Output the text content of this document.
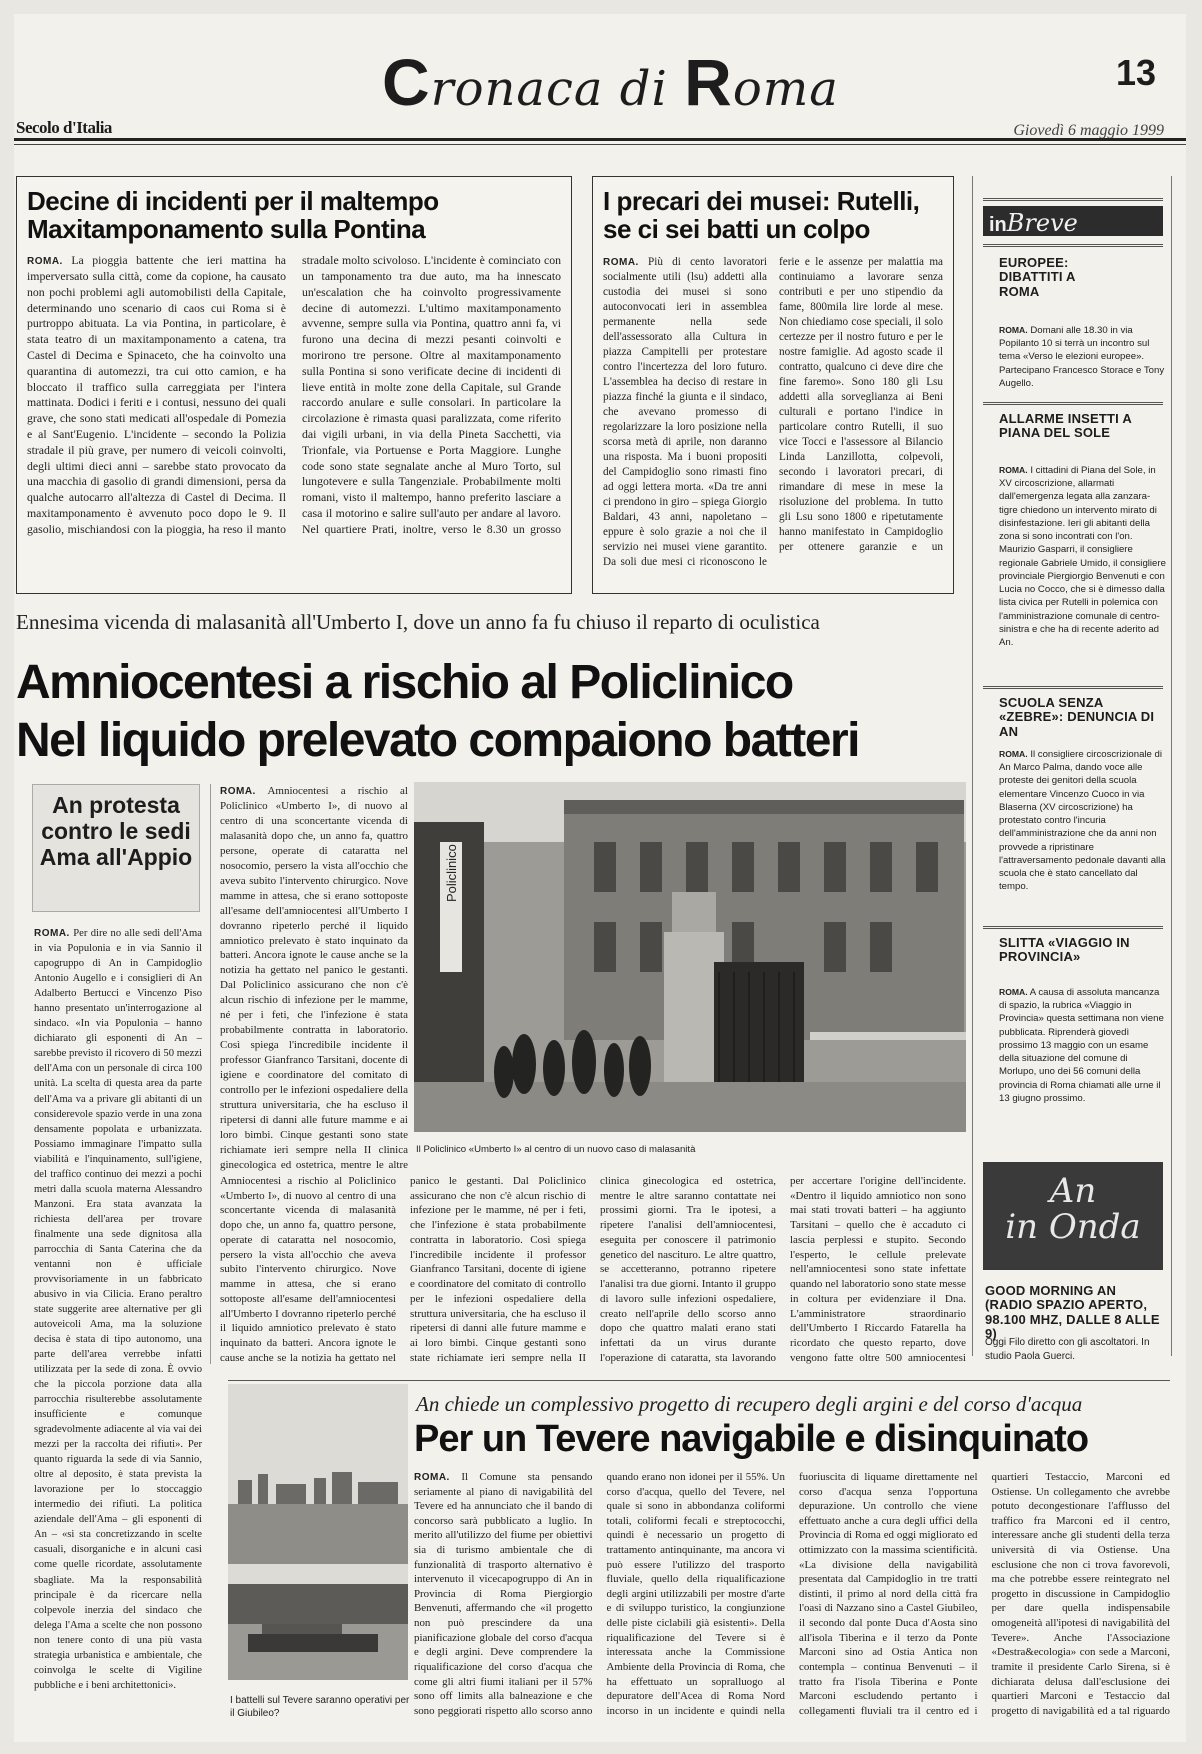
Secolo d'Italia
Cronaca di Roma	13
Giovedì 6 maggio 1999
Decine di incidenti per il maltempo
Maxitamponamento sulla Pontina
ROMA. La pioggia battente che ieri mattina ha imperversato sulla città, come da copione, ha causato non pochi problemi agli automobilisti della Capitale, determinando uno scenario di caos cui Roma si è purtroppo abituata. La via Pontina, in particolare, è stata teatro di un maxitamponamento a catena, tra Castel di Decima e Spinaceto, che ha coinvolto una quarantina di automezzi, tra cui otto camion, e ha bloccato il traffico sulla carreggiata per l'intera mattinata. Dodici i feriti e i contusi, nessuno dei quali grave, che sono stati medicati all'ospedale di Pomezia e al Sant'Eugenio. L'incidente – secondo la Polizia stradale il più grave, per numero di veicoli coinvolti, degli ultimi dieci anni – sarebbe stato provocato da una macchia di gasolio di grandi dimensioni, persa da qualche autocarro all'altezza di Castel di Decima. Il maxitamponamento è avvenuto poco dopo le 9. Il gasolio, mischiandosi con la pioggia, ha reso il manto stradale molto scivoloso. L'incidente è cominciato con un tamponamento tra due auto, ma ha innescato un'escalation che ha coinvolto progressivamente decine di automezzi. L'ultimo maxitamponamento avvenne, sempre sulla via Pontina, quattro anni fa, vi furono una decina di mezzi pesanti coinvolti e morirono tre persone. Oltre al maxitamponamento sulla Pontina si sono verificate decine di incidenti di lieve entità in molte zone della Capitale, sul Grande raccordo anulare e sulle consolari. In particolare la circolazione è rimasta quasi paralizzata, come riferito dai vigili urbani, in via della Pineta Sacchetti, via Trionfale, via Portuense e Porta Maggiore. Lunghe code sono state segnalate anche al Muro Torto, sul lungotevere e sulla Tangenziale. Probabilmente molti romani, visto il maltempo, hanno preferito lasciare a casa il motorino e salire sull'auto per andare al lavoro. Nel quartiere Prati, inoltre, verso le 8.30 un grosso
I precari dei musei: Rutelli, se ci sei batti un colpo
ROMA. Più di cento lavoratori socialmente utili (lsu) addetti alla custodia dei musei si sono autoconvocati ieri in assemblea permanente nella sede dell'assessorato alla Cultura in piazza Campitelli per protestare contro l'incertezza del loro futuro. L'assemblea ha deciso di restare in piazza finché la giunta e il sindaco, che avevano promesso di regolarizzare la loro posizione nella scorsa metà di aprile, non daranno una risposta. Ma i buoni propositi del Campidoglio sono rimasti fino ad oggi lettera morta. «Da tre anni ci prendono in giro – spiega Giorgio Baldari, 43 anni, napoletano – eppure è solo grazie a noi che il servizio nei musei viene garantito. Da soli due mesi ci riconoscono le ferie e le assenze per malattia ma continuiamo a lavorare senza contributi e per uno stipendio da fame, 800mila lire lorde al mese. Non chiediamo cose speciali, il solo certezze per il nostro futuro e per le nostre famiglie. Ad agosto scade il contratto, qualcuno ci deve dire che fine faremo». Sono 180 gli Lsu addetti alla sorveglianza ai Beni culturali e portano l'indice in particolare contro Rutelli, il suo vice Tocci e l'assessore al Bilancio Linda Lanzillotta, colpevoli, secondo i lavoratori precari, di rimandare di mese in mese la risoluzione del problema. In tutto gli Lsu sono 1800 e ripetutamente hanno manifestato in Campidoglio per ottenere garanzie e un
inBreve
EUROPEE: DIBATTITI A ROMA
ROMA. Domani alle 18.30 in via Popilanto 10 si terrà un incontro sul tema «Verso le elezioni europee». Partecipano Francesco Storace e Tony Augello.
ALLARME INSETTI A PIANA DEL SOLE
ROMA. I cittadini di Piana del Sole, in XV circoscrizione, allarmati dall'emergenza legata alla zanzara-tigre chiedono un intervento mirato di disinfestazione. Ieri gli abitanti della zona si sono incontrati con l'on. Maurizio Gasparri, il consigliere regionale Gabriele Umido, il consigliere provinciale Piergiorgio Benvenuti e con Lucia no Cocco, che si è dimesso dalla lista civica per Rutelli in polemica con l'amministrazione comunale di centro-sinistra e che ha di recente aderito ad An.
SCUOLA SENZA «ZEBRE»: DENUNCIA DI AN
ROMA. Il consigliere circoscrizionale di An Marco Palma, dando voce alle proteste dei genitori della scuola elementare Vincenzo Cuoco in via Blaserna (XV circoscrizione) ha protestato contro l'incuria dell'amministrazione che da anni non provvede a ripristinare l'attraversamento pedonale davanti alla scuola che è stato cancellato dal tempo.
SLITTA «VIAGGIO IN PROVINCIA»
ROMA. A causa di assoluta mancanza di spazio, la rubrica «Viaggio in Provincia» questa settimana non viene pubblicata. Riprenderà giovedì prossimo 13 maggio con un esame della situazione del comune di Morlupo, uno dei 56 comuni della provincia di Roma chiamati alle urne il 13 giugno prossimo.
An
in Onda
GOOD MORNING AN (RADIO SPAZIO APERTO, 98.100 MHZ, DALLE 8 ALLE 9)
Oggi Filo diretto con gli ascoltatori. In studio Paola Guerci.
Ennesima vicenda di malasanità all'Umberto I, dove un anno fa fu chiuso il reparto di oculistica
Amniocentesi a rischio al Policlinico
Nel liquido prelevato compaiono batteri
An protesta contro le sedi Ama all'Appio
ROMA. Per dire no alle sedi dell'Ama in via Populonia e in via Sannio il capogruppo di An in Campidoglio Antonio Augello e i consiglieri di An Adalberto Bertucci e Vincenzo Piso hanno presentato un'interrogazione al sindaco. «In via Populonia – hanno dichiarato gli esponenti di An – sarebbe previsto il ricovero di 50 mezzi dell'Ama con un personale di circa 100 unità. La scelta di questa area da parte dell'Ama va a privare gli abitanti di un considerevole spazio verde in una zona densamente popolata e urbanizzata. Possiamo immaginare l'impatto sulla viabilità e l'inquinamento, sull'igiene, del traffico continuo dei mezzi a pochi metri dalla scuola materna Alessandro Manzoni. Era stata avanzata la richiesta dell'area per trovare finalmente una sede dignitosa alla parrocchia di Santa Caterina che da ventanni non è ufficiale provvisoriamente in un fabbricato abusivo in via Cilicia. Erano peraltro state suggerite aree alternative per gli autoveicoli Ama, ma la soluzione decisa è stata di tipo autonomo, una parte dell'area verrebbe infatti utilizzata per la sede di zona. È ovvio che la piccola porzione data alla parrocchia risulterebbe assolutamente insufficiente e comunque sgradevolmente adiacente al via vai dei mezzi per la raccolta dei rifiuti». Per quanto riguarda la sede di via Sannio, oltre al deposito, è stata prevista la lavorazione per lo stoccaggio intermedio dei rifiuti. La politica aziendale dell'Ama – gli esponenti di An – «si sta concretizzando in scelte casuali, disorganiche e in alcuni casi come quelle ricordate, assolutamente sbagliate. Ma la responsabilità principale è da ricercare nella colpevole inerzia del sindaco che delega l'Ama a scelte che non possono non tenere conto di una più vasta strategia urbanistica e ambientale, che coinvolga le scelte di Vigiline pubbliche e i beni architettonici».
ROMA. Amniocentesi a rischio al Policlinico «Umberto I», di nuovo al centro di una sconcertante vicenda di malasanità dopo che, un anno fa, quattro persone, operate di cataratta nel nosocomio, persero la vista all'occhio che aveva subito l'intervento chirurgico. Nove mamme in attesa, che si erano sottoposte all'esame dell'amniocentesi all'Umberto I dovranno ripeterlo perché il liquido amniotico prelevato è stato inquinato da batteri. Ancora ignote le cause anche se la notizia ha gettato nel panico le gestanti. Dal Policlinico assicurano che non c'è alcun rischio di infezione per le mamme, né per i feti, che l'infezione è stata probabilmente contratta in laboratorio. Così spiega l'incredibile incidente il professor Gianfranco Tarsitani, docente di igiene e coordinatore del comitato di controllo per le infezioni ospedaliere della struttura universitaria, che ha escluso il ripetersi di danni alle future mamme e ai loro bimbi. Cinque gestanti sono state richiamate ieri sempre nella II clinica ginecologica ed ostetrica, mentre le altre
Policlinico
Il Policlinico «Umberto I» al centro di un nuovo caso di malasanità
Amniocentesi a rischio al Policlinico «Umberto I», di nuovo al centro di una sconcertante vicenda di malasanità dopo che, un anno fa, quattro persone, operate di cataratta nel nosocomio, persero la vista all'occhio che aveva subito l'intervento chirurgico. Nove mamme in attesa, che si erano sottoposte all'esame dell'amniocentesi all'Umberto I dovranno ripeterlo perché il liquido amniotico prelevato è stato inquinato da batteri. Ancora ignote le cause anche se la notizia ha gettato nel panico le gestanti. Dal Policlinico assicurano che non c'è alcun rischio di infezione per le mamme, né per i feti, che l'infezione è stata probabilmente contratta in laboratorio. Così spiega l'incredibile incidente il professor Gianfranco Tarsitani, docente di igiene e coordinatore del comitato di controllo per le infezioni ospedaliere della struttura universitaria, che ha escluso il ripetersi di danni alle future mamme e ai loro bimbi. Cinque gestanti sono state richiamate ieri sempre nella II clinica ginecologica ed ostetrica, mentre le altre saranno contattate nei prossimi giorni. Tra le ipotesi, a ripetere l'analisi dell'amniocentesi, eseguita per conoscere il patrimonio genetico del nascituro. Le altre quattro, se accetteranno, potranno ripetere l'analisi tra due giorni. Intanto il gruppo di lavoro sulle infezioni ospedaliere, creato nell'aprile dello scorso anno dopo che quattro malati erano stati infettati da un virus durante l'operazione di cataratta, sta lavorando per accertare l'origine dell'incidente. «Dentro il liquido amniotico non sono mai stati trovati batteri – ha aggiunto Tarsitani – quello che è accaduto ci lascia perplessi e stupito. Secondo l'esperto, le cellule prelevate nell'amniocentesi sono state infettate quando nel laboratorio sono state messe in coltura per evidenziare il Dna. L'amministratore straordinario dell'Umberto I Riccardo Fatarella ha ricordato che questo reparto, dove vengono fatte oltre 500 amniocentesi
An chiede un complessivo progetto di recupero degli argini e del corso d'acqua
Per un Tevere navigabile e disinquinato
I battelli sul Tevere saranno operativi per il Giubileo?
ROMA. Il Comune sta pensando seriamente al piano di navigabilità del Tevere ed ha annunciato che il bando di concorso sarà pubblicato a luglio. In merito all'utilizzo del fiume per obiettivi sia di turismo ambientale che di funzionalità di trasporto alternativo è intervenuto il vicecapogruppo di An in Provincia di Roma Piergiorgio Benvenuti, affermando che «il progetto non può prescindere da una pianificazione globale del corso d'acqua e degli argini. Deve comprendere la riqualificazione del corso d'acqua che come gli altri fiumi italiani per il 57% sono off limits alla balneazione e che sono peggiorati rispetto allo scorso anno quando erano non idonei per il 55%. Un corso d'acqua, quello del Tevere, nel quale si sono in abbondanza coliformi totali, coliformi fecali e streptococchi, quindi è necessario un progetto di trattamento antinquinante, ma ancora vi può essere l'utilizzo del trasporto fluviale, quello della riqualificazione degli argini utilizzabili per mostre d'arte e di sviluppo turistico, la congiunzione delle piste ciclabili già esistenti». Della riqualificazione del Tevere si è interessata anche la Commissione Ambiente della Provincia di Roma, che ha effettuato un sopralluogo al depuratore dell'Acea di Roma Nord incorso in un incidente e quindi nella fuoriuscita di liquame direttamente nel corso d'acqua senza l'opportuna depurazione. Un controllo che viene effettuato anche a cura degli uffici della Provincia di Roma ed oggi migliorato ed ottimizzato con la massima scientificità. «La divisione della navigabilità presentata dal Campidoglio in tre tratti distinti, il primo al nord della città fra l'oasi di Nazzano sino a Castel Giubileo, il secondo dal ponte Duca d'Aosta sino all'isola Tiberina e il terzo da Ponte Marconi sino ad Ostia Antica non contempla – continua Benvenuti – il tratto fra l'isola Tiberina e Ponte Marconi escludendo pertanto i collegamenti fluviali tra il centro ed i quartieri Testaccio, Marconi ed Ostiense. Un collegamento che avrebbe potuto decongestionare l'afflusso del traffico fra Marconi ed il centro, interessare anche gli studenti della terza università di via Ostiense. Una esclusione che non ci trova favorevoli, ma che potrebbe essere reintegrato nel progetto in discussione in Campidoglio per dare quella indispensabile omogeneità all'ipotesi di navigabilità del Tevere». Anche l'Associazione «Destra&ecologia» con sede a Marconi, tramite il presidente Carlo Sirena, si è dichiarata delusa dall'esclusione dei quartieri Marconi e Testaccio dal progetto di navigabilità ed a tal riguardo
